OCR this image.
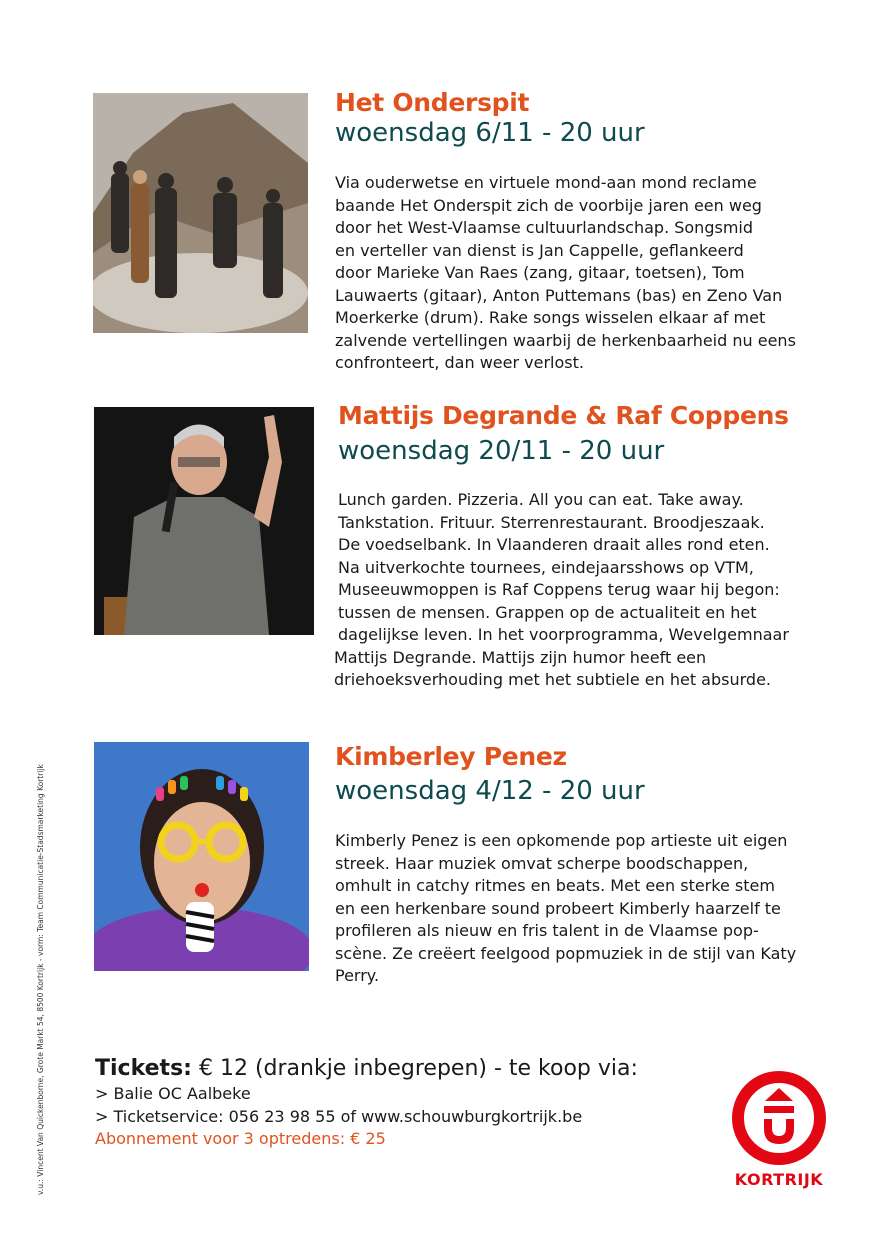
Het Onderspit
woensdag 6/11 - 20 uur
Via ouderwetse en virtuele mond-aan mond reclame
baande Het Onderspit zich de voorbije jaren een weg
door het West-Vlaamse cultuurlandschap. Songsmid
en verteller van dienst is Jan Cappelle, geflankeerd
door Marieke Van Raes (zang, gitaar, toetsen), Tom
Lauwaerts (gitaar), Anton Puttemans (bas) en Zeno Van
Moerkerke (drum). Rake songs wisselen elkaar af met
zalvende vertellingen waarbij de herkenbaarheid nu eens
confronteert, dan weer verlost.
Mattijs Degrande & Raf Coppens
woensdag 20/11 - 20 uur
Lunch garden. Pizzeria. All you can eat. Take away.
Tankstation. Frituur. Sterrenrestaurant. Broodjeszaak.
De voedselbank. In Vlaanderen draait alles rond eten.
Na uitverkochte tournees, eindejaarsshows op VTM,
Museeuwmoppen is Raf Coppens terug waar hij begon:
tussen de mensen. Grappen op de actualiteit en het
dagelijkse leven. In het voorprogramma, Wevelgemnaar
Mattijs Degrande. Mattijs zijn humor heeft een
driehoeksverhouding met het subtiele en het absurde.
Kimberley Penez
woensdag 4/12 - 20 uur
Kimberly Penez is een opkomende pop artieste uit eigen
streek. Haar muziek omvat scherpe boodschappen,
omhult in catchy ritmes en beats. Met een sterke stem
en een herkenbare sound probeert Kimberly haarzelf te
profileren als nieuw en fris talent in de Vlaamse pop-
scène. Ze creëert feelgood popmuziek in de stijl van Katy
Perry.
Tickets: € 12 (drankje inbegrepen) - te koop via:
> Balie OC Aalbeke
> Ticketservice: 056 23 98 55 of www.schouwburgkortrijk.be
Abonnement voor 3 optredens: € 25
v.u.: Vincent Van Quickenborne, Grote Markt 54, 8500 Kortrijk - vorm: Team Communicatie-Stadsmarketing Kortrijk	KORTRIJK
